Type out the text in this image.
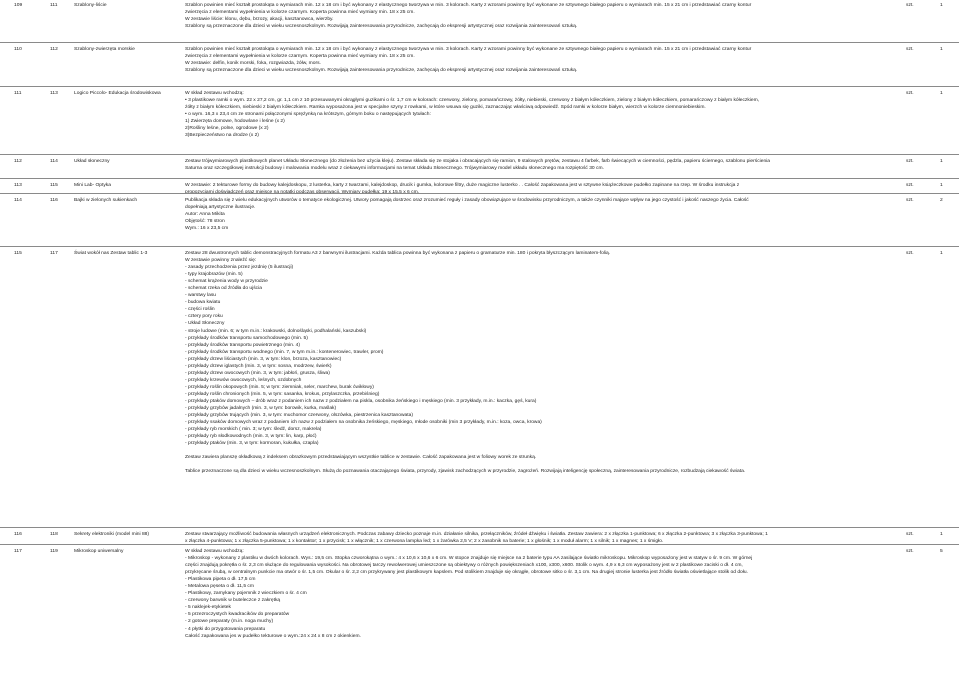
109	111	Szablony-liście	Szablon powinien mieć kształt prostokąta o wymiarach min. 12 x 18 cm i być wykonany z elastycznego tworzywa w min. 3 kolorach. Karty z wzorami powinny być wykonane ze sztywnego białego papieru o wymiarach min. 15 x 21 cm i przedstawiać czarny kontur
zwierzęcia z elementami wypełnienia w kolorze czarnym. Koperta powinna mieć wymiary min. 18 x 25 cm.
W zestawie liście: klonu, dębu, brzozy, akacji, kasztanowca, wierzby.
Szablony są przeznaczone dla dzieci w wieku wczesnoszkolnym. Rozwijają zainteresowania przyrodnicze, zachęcają do ekspresji artystycznej oraz rozwijania zainteresowań sztuką.
szt.	1
110	112	Szablony-zwierzęta morskie	Szablon powinien mieć kształt prostokąta o wymiarach min. 12 x 18 cm i być wykonany z elastycznego tworzywa w min. 3 kolorach. Karty z wzorami powinny być wykonane ze sztywnego białego papieru o wymiarach min. 15 x 21 cm i przedstawiać czarny kontur
zwierzęcia z elementami wypełnienia w kolorze czarnym. Koperta powinna mieć wymiary min. 18 x 25 cm.
W zestawie: delfin, konik morski, foka, rozgwiazda, żółw, mors.
Szablony są przeznaczone dla dzieci w wieku wczesnoszkolnym. Rozwijają zainteresowania przyrodnicze, zachęcają do ekspresji artystycznej oraz rozwijania zainteresowań sztuką.
szt.	1
111	113	Logico Piccolo- Edukacja środowiskowa	W skład zestawu wchodzą:
• 3 plastikowe ramki o wym. 22 x 27,2 cm, gr. 1,1 cm z 10 przesuwanymi okrągłymi guzikami o śr. 1,7 cm w kolorach: czerwony, zielony, pomarańczowy, żółty, niebieski, czerwony z białym kółeczkiem, zielony z białym kółeczkiem, pomarańczowy z białym kółeczkiem,
żółty z białym kółeczkiem, niebieski z białym kółeczkiem. Ramka wyposażona jest w specjalne szyny z rowkami, w które wsuwa się guziki, zaznaczając właściwą odpowiedź. Spód ramki w kolorze białym, wierzch w kolorze ciemnoniebieskim.
• o wym. 16,3 x 23,4 cm ze stronami połączonymi sprężynką na krótszym, górnym boku o następujących tytułach:
1) Zwierzęta domowe, hodowlane i leśne (x 2)
2)Rośliny leśne, polne, ogrodowe (x 2)
3)Bezpieczeństwo na drodze (x 2)
szt.	1
112	114	Układ słoneczny	Zestaw trójwymiarowych plastikowych planet Układu Słonecznego (do złożenia bez użycia kleju). Zestaw składa się ze stojaka i obracających się ramion, 9 stalowych prętów, zestawu 4 farbek, farb świecących w ciemności, pędzla, papieru ściernego, szablonu pierścienia
Saturna oraz szczegółowej instrukcji budowy i malowania modelu wraz z ciekawymi informacjami na temat Układu Słonecznego. Trójwymiarowy model układu słonecznego ma rozpiętość 30 cm.
szt.	1
113	115	Mini Lab- Optyka	W zestawie: 2 tekturowe formy do budowy kalejdoskopu, 2 lusterka, karty z twarzami, kalejdoskop, drucik i gumka, kolorowe filtry, duże magiczne lusterko . . Całość zapakowana jest w sztywne książeczkowe pudełko zapinane na rzep. W środku instrukcja z
propozycjami doświadczeń oraz miejsce na notatki podczas obserwacji. Wymiary pudełka: 19 x 15,5 x 6 cm.
szt.	1
114	116	Bajki w zielonych sukienkach	Publikacja składa się z wielu edukacyjnych utworów o tematyce ekologicznej. Utwory pomagają dostrzec oraz zrozumieć reguły i zasady obowiązujące w środowisku przyrodniczym, a także czynniki mające wpływ na jego czystość i jakość naszego życia. Całość
dopełniają artystyczne ilustracje.
Autor: Anna Mikita
Objętość: 78 stron
Wym.: 16 x 23,5 cm
szt.	2
115	117	Świat wokół nas Zestaw tablic 1-3	Zestaw 28 dwustronnych tablic demonstracyjnych formatu A3 z barwnymi ilustracjami. Każda tablica powinna być wykonana z papieru o gramaturze min. 180 i pokryta błyszczącym laminatem-folią.
W zestawie powinny znaleźć się:
- zasady przechodzenia przez jezdnię (5 ilustracji)
- typy krajobrazów (min. 5)
- schemat krążenia wody w przyrodzie
- schemat rzeka od źródła do ujścia
- warstwy lasu
- budowa kwiatu
- części roślin
- cztery pory roku
- Układ Słoneczny
- stroje ludowe (min. 6; w tym m.in.: krakowski, dolnośląski, podhalański, kaszubski)
- przykłady środków transportu samochodowego (min. 5)
- przykłady środków transportu powietrznego (min. 4)
- przykłady środków transportu wodnego (min. 7, w tym m.in.: kontenerowiec, trawler, prom)
- przykłady drzew liściastych (min. 3, w tym: klon, brzoza, kasztanowiec)
- przykłady drzew iglastych (min. 3, w tym: sosna, modrzew, świerk)
- przykłady drzew owocowych (min. 3, w tym: jabłoń, grusza, śliwa)
- przykłady krzewów owocowych, leśnych, ozdobnych
- przykłady roślin okopowych (min. 5; w tym: ziemniak, seler, marchew, burak ćwikłowy)
- przykłady roślin chronionych (min. 5, w tym: sasanka, krokus, przylaszczka, przebiśnieg)
- przykłady ptaków domowych – drób wraz z podaniem ich nazw z podziałem na piskla, osobnika żeńskiego i męskiego (min. 3 przykłady, m.in.: kaczka, gęś, kura)
- przykłady grzybów jadalnych (min. 3, w tym: borowik, kurka, maślak)
- przykłady grzybów trujących (min. 3, w tym: muchomor czerwony, olszówka, piestrzenica kasztanowata)
- przykłady ssaków domowych wraz z podaniem ich nazw z podziałem na osobnika żeńskiego, męskiego, młode osobniki (min 3 przykłady, m.in.: koza, owca, krowa)
- przykłady ryb morskich ( min. 3; w tym: śledź, dorsz, makrela)
- przykłady ryb słodkowodnych (min. 3, w tym: lin, karp, płoć)
- przykłady ptaków (min. 3, w tym: kormoran, kukułka, czapla)
Zestaw zawiera planszę okładkową z indeksem obrazkowym przedstawiającym wszystkie tablice w zestawie. Całość zapakowana jest w foliowy worek ze strunką.
Tablice przeznaczone są dla dzieci w wieku wczesnoszkolnym. Służą do poznawania otaczającego świata, przyrody, zjawisk zachodzących w przyrodzie, zagrożeń. Rozwijają inteligencję społeczną, zainteresowania przyrodnicze, rozbudzają ciekawość świata.
szt.	1
116	118	Sekrety elektroniki (model mini 88)	Zestaw stwarzający możliwość budowania własnych urządzeń elektronicznych. Podczas zabawy dziecko poznaje m.in. działanie silnika, przełączników, źródeł dźwięku i światła. Zestaw zawiera: 2 x złączka 1-punktowa; 6 x złączka 2-punktowa; 3 x złączka 3-punktowa; 1
x złączka 4-punktowa; 1 x złączka 5-punktowa; 1 x kontaktor; 1 x przycisk; 1 x włącznik; 1 x czerwona lampka led; 1 x żarówka 2,5 V; 2 x zasobnik na baterie; 1 x głośnik; 1 x moduł alarm; 1 x silnik; 1 x magnes; 1 x śmigło.
szt.	1
117	119	Mikroskop uniwersalny	W skład zestawu wchodzą:
- Mikroskop - wykonany z plastiku w dwóch kolorach. Wys.: 19,5 cm. Stopka czworokątna o wym.: 4 x 10,6 x 10,6 x 6 cm. W stopce znajduje się miejsce na 2 baterie typu AA zasilające światło mikroskopu. Mikroskop wyposażony jest w statyw o śr. 9 cm. W górnej
części znajdują pokrętła o śr. 2,3 cm służące do regulowania wysokości. Na obrotowej tarczy rewolwerowej umieszczone są obiektywy o różnych powiększeniach x100, x300, x600. Stolik o wym. 4,9 x 6,3 cm wyposażony jest w 2 plastikowe zaciski o dł. 4 cm,
przykręcane śrubą, w centralnym punkcie ma otwór o śr. 1,5 cm. Okular o śr. 2,2 cm przykrywany jest plastikowym kapslem. Pod stolikiem znajduje się okrągłe, obrotowe sitko o śr. 3,1 cm. Na drugiej stronie lusterka jest źródło światła oświetlające stolik od dołu.
- Plastikowa pipeta o dł. 17,5 cm
- Metalowa pęseta o dł. 11,5 cm
- Plastikowy, zamykany pojemnik z wieczkiem o śr. 4 cm
- czerwony barwnik w buteleczce z zakrętką
- 5 naklejek-etykietek
- 5 przezroczystych kwadracików do preparatów
- 2 gotowe preparaty (m.in. noga muchy)
- 4 płytki do przygotowania preparatu
Całość zapakowana jes w pudełko tekturowe o wym.:24 x 24 x 8 cm z okienkiem.
szt.	5
